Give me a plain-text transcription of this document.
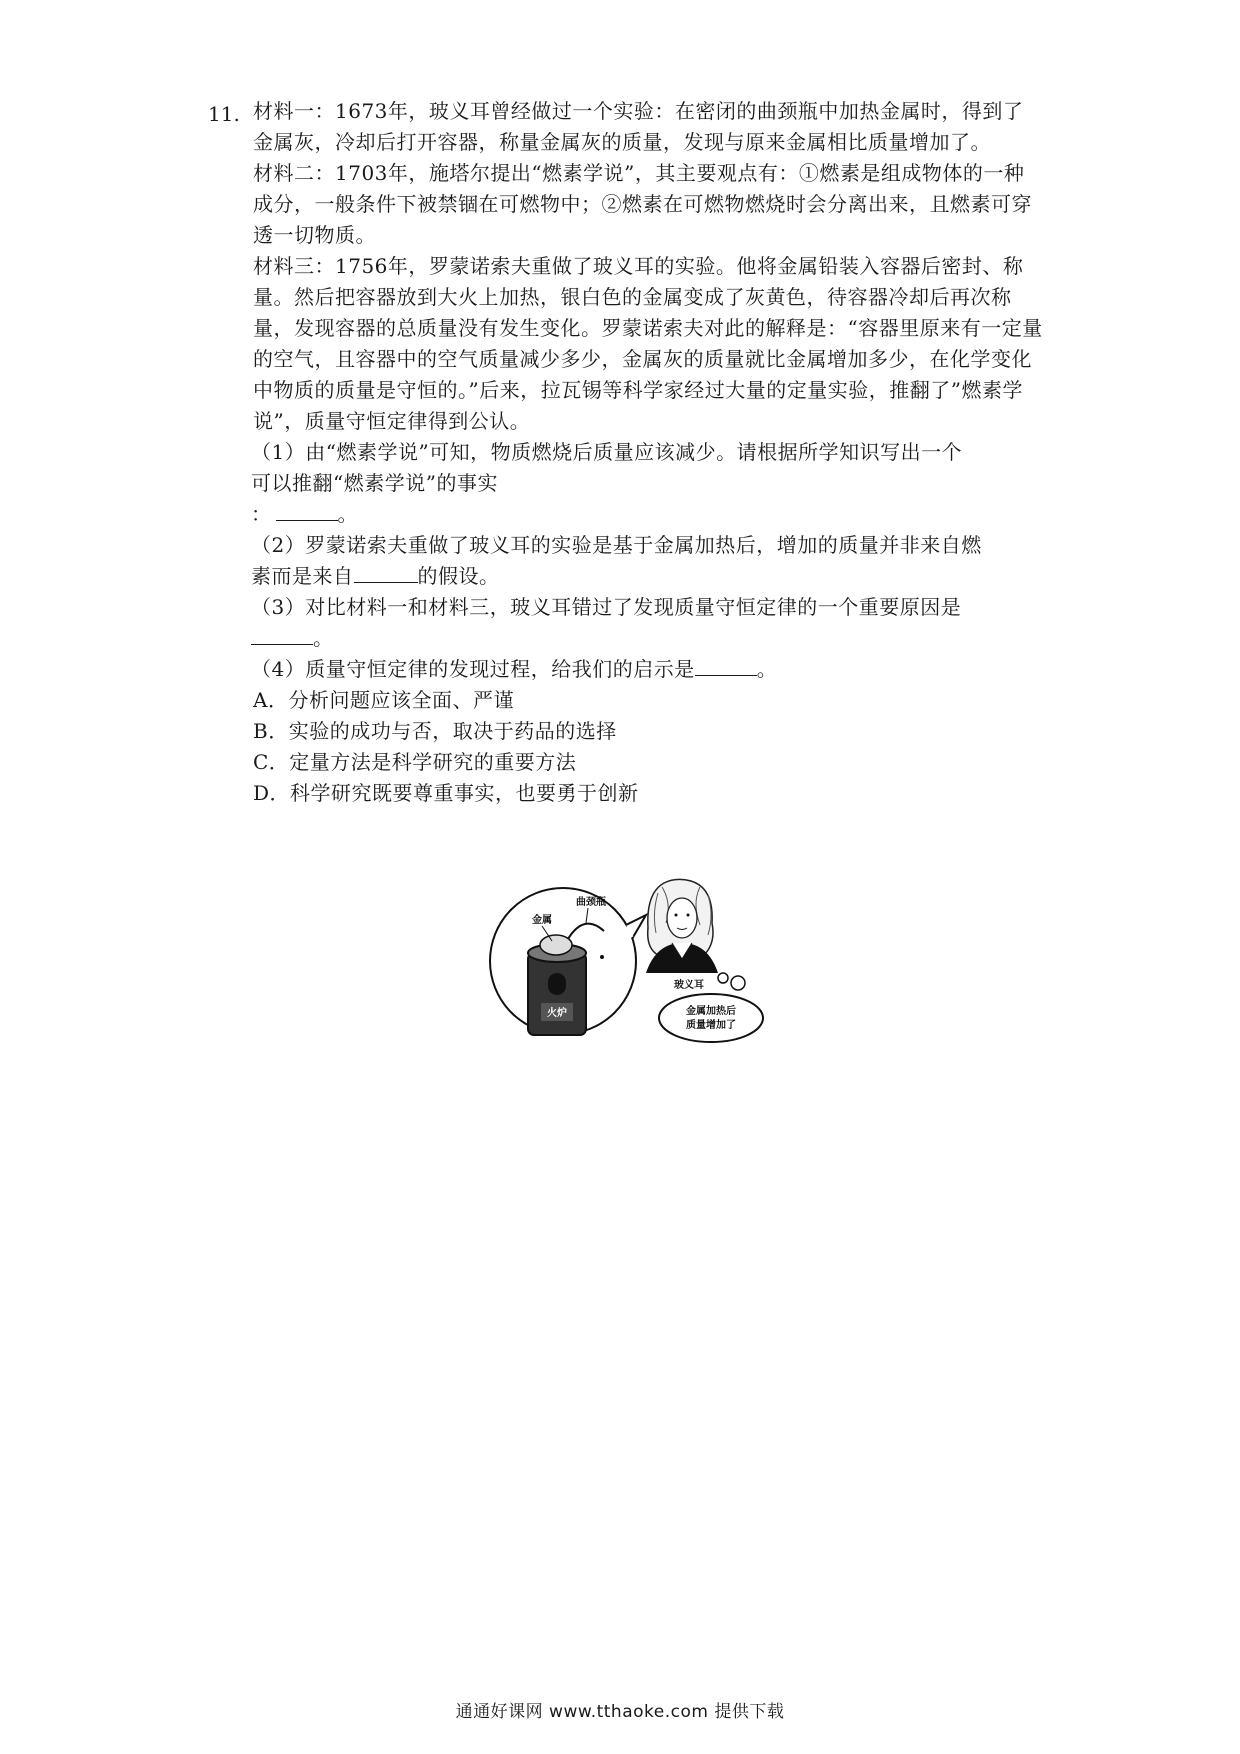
11. 材料一：1673年，玻义耳曾经做过一个实验：在密闭的曲颈瓶中加热金属时，得到了金属灰，冷却后打开容器，称量金属灰的质量，发现与原来金属相比质量增加了。

材料二：1703年，施塔尔提出“燃素学说”，其主要观点有：①燃素是组成物体的一种成分，一般条件下被禁锢在可燃物中；②燃素在可燃物燃烧时会分离出来，且燃素可穿透一切物质。

材料三：1756年，罗蒙诺索夫重做了玻义耳的实验。他将金属铅装入容器后密封、称量。然后把容器放到大火上加热，银白色的金属变成了灰黄色，待容器冷却后再次称量，发现容器的总质量没有发生变化。罗蒙诺索夫对此的解释是：“容器里原来有一定量的空气，且容器中的空气质量减少多少，金属灰的质量就比金属增加多少，在化学变化中物质的质量是守恒的。”后来，拉瓦锡等科学家经过大量的定量实验，推翻了”燃素学说”，质量守恒定律得到公认。

（1）由“燃素学说”可知，物质燃烧后质量应该减少。请根据所学知识写出一个
可以推翻“燃素学说”的事实
：	。

（2）罗蒙诺索夫重做了玻义耳的实验是基于金属加热后，增加的质量并非来自燃
素而是来自	的假设。

（3）对比材料一和材料三，玻义耳错过了发现质量守恒定律的一个重要原因是
。

（4）质量守恒定律的发现过程，给我们的启示是	。

A．分析问题应该全面、严谨

B．实验的成功与否，取决于药品的选择

C．定量方法是科学研究的重要方法

D．科学研究既要尊重事实，也要勇于创新

火炉
金属
曲颈瓶
玻义耳
金属加热后
质量增加了
通通好课网 www.tthaoke.com 提供下载
